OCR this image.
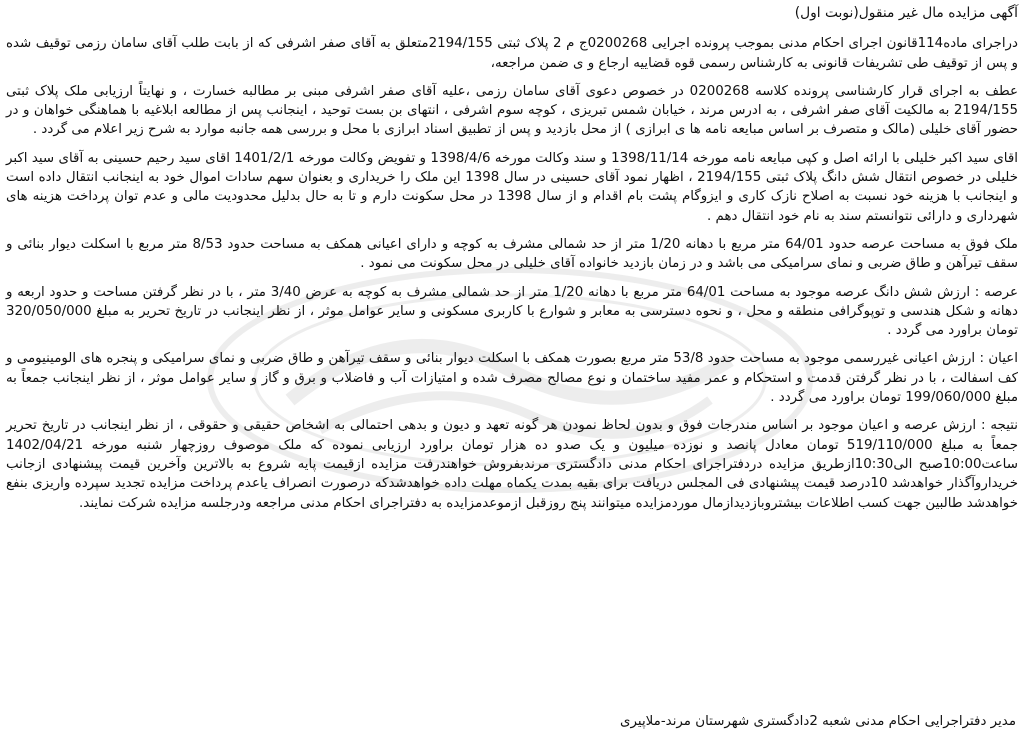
آگهی مزایده مال غیر منقول(نوبت اول)

دراجرای ماده114قانون اجرای احکام مدنی بموجب پرونده اجرایی 0200268ج م 2 پلاک ثبتی 2194/155متعلق به آقای صفر اشرفی که از بابت طلب آقای سامان رزمی توقیف شده و پس از توقیف طی تشریفات قانونی به کارشناس رسمی قوه قضاییه ارجاع و ی ضمن مراجعه،

عطف به اجرای قرار کارشناسی پرونده کلاسه 0200268 در خصوص دعوی آقای سامان رزمی ،علیه آقای صفر اشرفی مبنی بر مطالبه خسارت ، و نهایتاً ارزیابی ملک پلاک ثبتی 2194/155 به مالکیت آقای صفر اشرفی ، به ادرس مرند ، خیابان شمس تبریزی ، کوچه سوم اشرفی ، انتهای بن بست توحید ، اینجانب پس از مطالعه ابلاغیه با هماهنگی خواهان و در حضور آقای خلیلی (مالک و متصرف بر اساس مبایعه نامه ها ی ابرازی ) از محل بازدید و پس از تطبیق اسناد ابرازی با محل و بررسی همه جانبه موارد به شرح زیر اعلام می گردد .

اقای سید اکبر خلیلی با ارائه اصل و کپی مبایعه نامه مورخه 1398/11/14 و سند وکالت مورخه 1398/4/6 و تفویض وکالت مورخه 1401/2/1 اقای سید رحیم حسینی به آقای سید اکبر خلیلی در خصوص انتقال شش دانگ پلاک ثبتی 2194/155 ، اظهار نمود آقای حسینی در سال 1398 این ملک را خریداری و بعنوان سهم سادات اموال خود به اینجانب انتقال داده است و اینجانب با هزینه خود نسبت به اصلاح نازک کاری و ایزوگام پشت بام اقدام و از سال 1398 در محل سکونت دارم و تا به حال بدلیل محدودیت مالی و عدم توان پرداخت هزینه های شهرداری و دارائی نتوانستم سند به نام خود انتقال دهم .

ملک فوق به مساحت عرصه حدود 64/01 متر مربع با دهانه 1/20 متر از حد شمالی مشرف به کوچه و دارای اعیانی همکف به مساحت حدود 8/53 متر مربع با اسکلت دیوار بنائی و سقف تیرآهن و طاق ضربی و نمای سرامیکی می باشد و در زمان بازدید خانواده آقای خلیلی در محل سکونت می نمود .

عرصه : ارزش شش دانگ عرصه موجود به مساحت 64/01 متر مربع با دهانه 1/20 متر از حد شمالی مشرف به کوچه به عرض 3/40 متر ، با در نظر گرفتن مساحت و حدود اربعه و دهانه و شکل هندسی و توپوگرافی منطقه و محل ، و نحوه دسترسی به معابر و شوارع با کاربری مسکونی و سایر عوامل موثر ، از نظر اینجانب در تاریخ تحریر به مبلغ 320/050/000 تومان براورد می گردد .

اعیان : ارزش اعیانی غیررسمی موجود به مساحت حدود 53/8 متر مربع بصورت همکف با اسکلت دیوار بنائی و سقف تیرآهن و طاق ضربی و نمای سرامیکی و پنجره های الومینیومی و کف اسفالت ، با در نظر گرفتن قدمت و استحکام و عمر مفید ساختمان و نوع مصالح مصرف شده و امتیازات آب و فاضلاب و برق و گاز و سایر عوامل موثر ، از نظر اینجانب جمعاً به مبلغ 199/060/000 تومان براورد می گردد .

نتیجه : ارزش عرصه و اعیان موجود بر اساس مندرجات فوق و بدون لحاظ نمودن هر گونه تعهد و دیون و بدهی احتمالی به اشخاص حقیقی و حقوقی ، از نظر اینجانب در تاریخ تحریر جمعاً به مبلغ 519/110/000 تومان معادل پانصد و نوزده میلیون و یک صدو ده هزار تومان براورد ارزیابی نموده که ملک موصوف روزچهار شنبه مورخه 1402/04/21 ساعت10:00صبح الی10:30ازطریق مزایده دردفتراجرای احکام مدنی دادگستری مرندبفروش خواهندرفت مزایده ازقیمت پایه شروع به بالاترین وآخرین قیمت پیشنهادی ازجانب خریداروآگذار خواهدشد 10درصد قیمت پیشنهادی فی المجلس دریافت برای بقیه بمدت یکماه مهلت داده خواهدشدکه درصورت انصراف یاعدم پرداخت مزایده تجدید سپرده واریزی بنفع خواهدشد طالبین جهت کسب اطلاعات بیشتروبازدیدازمال موردمزایده میتوانند پنج روزقبل ازموعدمزایده به دفتراجرای احکام مدنی مراجعه ودرجلسه مزایده شرکت نمایند.

مدیر دفتراجرایی احکام مدنی شعبه 2دادگستری شهرستان مرند-ملاپیری
